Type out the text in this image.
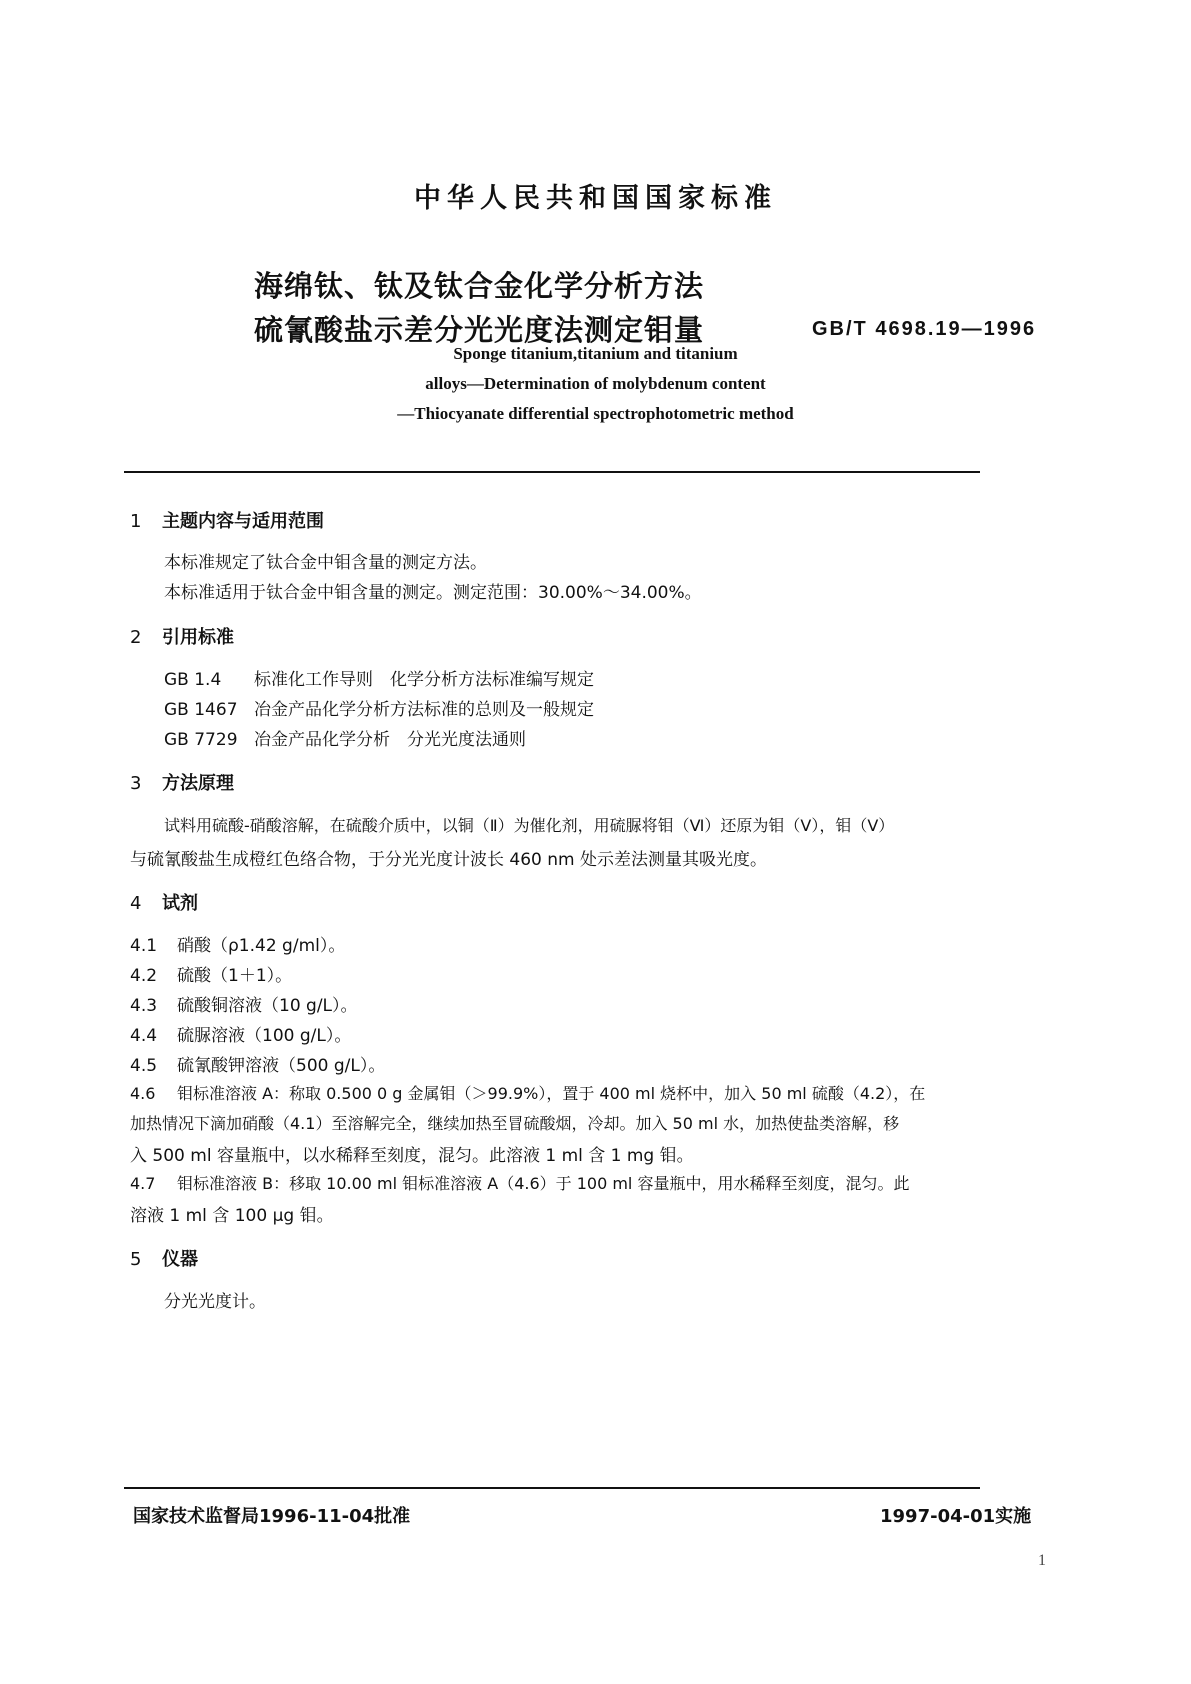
中华人民共和国国家标准
海绵钛、钛及钛合金化学分析方法
硫氰酸盐示差分光光度法测定钼量	GB/T 4698.19—1996
Sponge titanium,titanium and titanium
alloys—Determination of molybdenum content
—Thiocyanate differential spectrophotometric method
1 主题内容与适用范围
本标准规定了钛合金中钼含量的测定方法。
本标准适用于钛合金中钼含量的测定。测定范围：30.00%～34.00%。
2 引用标准
GB 1.4 标准化工作导则　化学分析方法标准编写规定
GB 1467 冶金产品化学分析方法标准的总则及一般规定
GB 7729 冶金产品化学分析　分光光度法通则
3 方法原理
试料用硫酸-硝酸溶解，在硫酸介质中，以铜（Ⅱ）为催化剂，用硫脲将钼（Ⅵ）还原为钼（Ⅴ），钼（Ⅴ）
与硫氰酸盐生成橙红色络合物，于分光光度计波长 460 nm 处示差法测量其吸光度。
4 试剂
4.1 硝酸（ρ1.42 g/ml）。
4.2 硫酸（1＋1）。
4.3 硫酸铜溶液（10 g/L）。
4.4 硫脲溶液（100 g/L）。
4.5 硫氰酸钾溶液（500 g/L）。
4.6 钼标准溶液 A：称取 0.500 0 g 金属钼（＞99.9%），置于 400 ml 烧杯中，加入 50 ml 硫酸（4.2），在
加热情况下滴加硝酸（4.1）至溶解完全，继续加热至冒硫酸烟，冷却。加入 50 ml 水，加热使盐类溶解，移
入 500 ml 容量瓶中，以水稀释至刻度，混匀。此溶液 1 ml 含 1 mg 钼。
4.7 钼标准溶液 B：移取 10.00 ml 钼标准溶液 A（4.6）于 100 ml 容量瓶中，用水稀释至刻度，混匀。此
溶液 1 ml 含 100 μg 钼。
5 仪器
分光光度计。
国家技术监督局1996-11-04批准	1997-04-01实施
1
